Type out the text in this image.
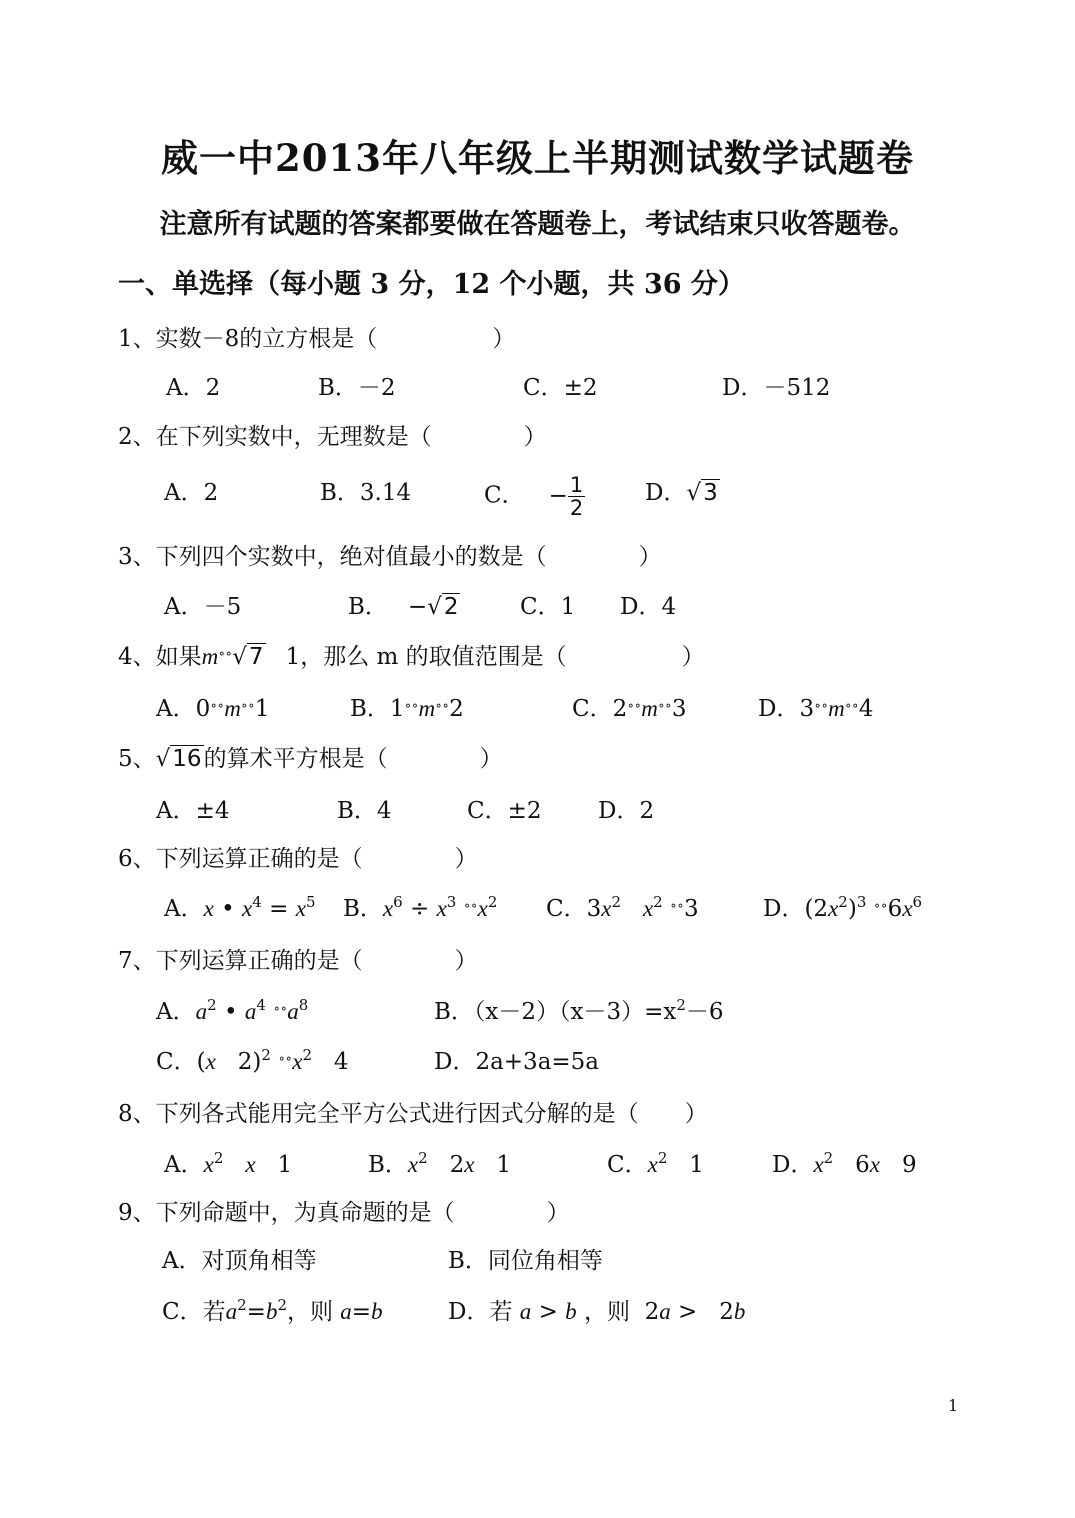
威一中2013年八年级上半期测试数学试题卷
注意所有试题的答案都要做在答题卷上，考试结束只收答题卷。
一、单选择（每小题 3 分，12 个小题，共 36 分）
1、实数－8的立方根是（　　　　　）
A．2	B．－2	C．±2	D．－512
2、在下列实数中，无理数是（　　　　）
A．2	B．3.14	C． − $\frac{1}{2}$	D．√3
3、下列四个实数中，绝对值最小的数是（　　　　）
A．－5	B． −√2	C．1 D．4
4、如果m˚˚√7 1，那么 m 的取值范围是（　　　　　）
A．0˚˚m˚˚1	B．1˚˚m˚˚2	C．2˚˚m˚˚3	D．3˚˚m˚˚4
5、√16的算术平方根是（　　　　）
A．±4	B．4	C．±2 D．2
6、下列运算正确的是（　　　　）
A．x • $x^4 = x^5$ B．$x^6 \div x^3$ $˚˚x^2$ C．$3x^2$ $x^2$ ˚˚3	D．$(2x^2)^3$ $˚˚6x^6$
7、下列运算正确的是（　　　　）
A．$a^2$ • $a^4$ $˚˚a^8$	B．$(x-2)(x-3)=x^2-6$
C．(x   2)$^2$ $˚˚x^2$   4	D．2a+3a=5a
8、下列各式能用完全平方公式进行因式分解的是（　　）
A．$x^2$ x   1	B．$x^2$   2x   1	C．$x^2$   1	D．$x^2$   6x   9
9、下列命题中，为真命题的是（　　　　）
A．对顶角相等	B．同位角相等
C．若$a^2=b^2$，则 a=b	D．若 a > b ，则  2a >   2b
1
